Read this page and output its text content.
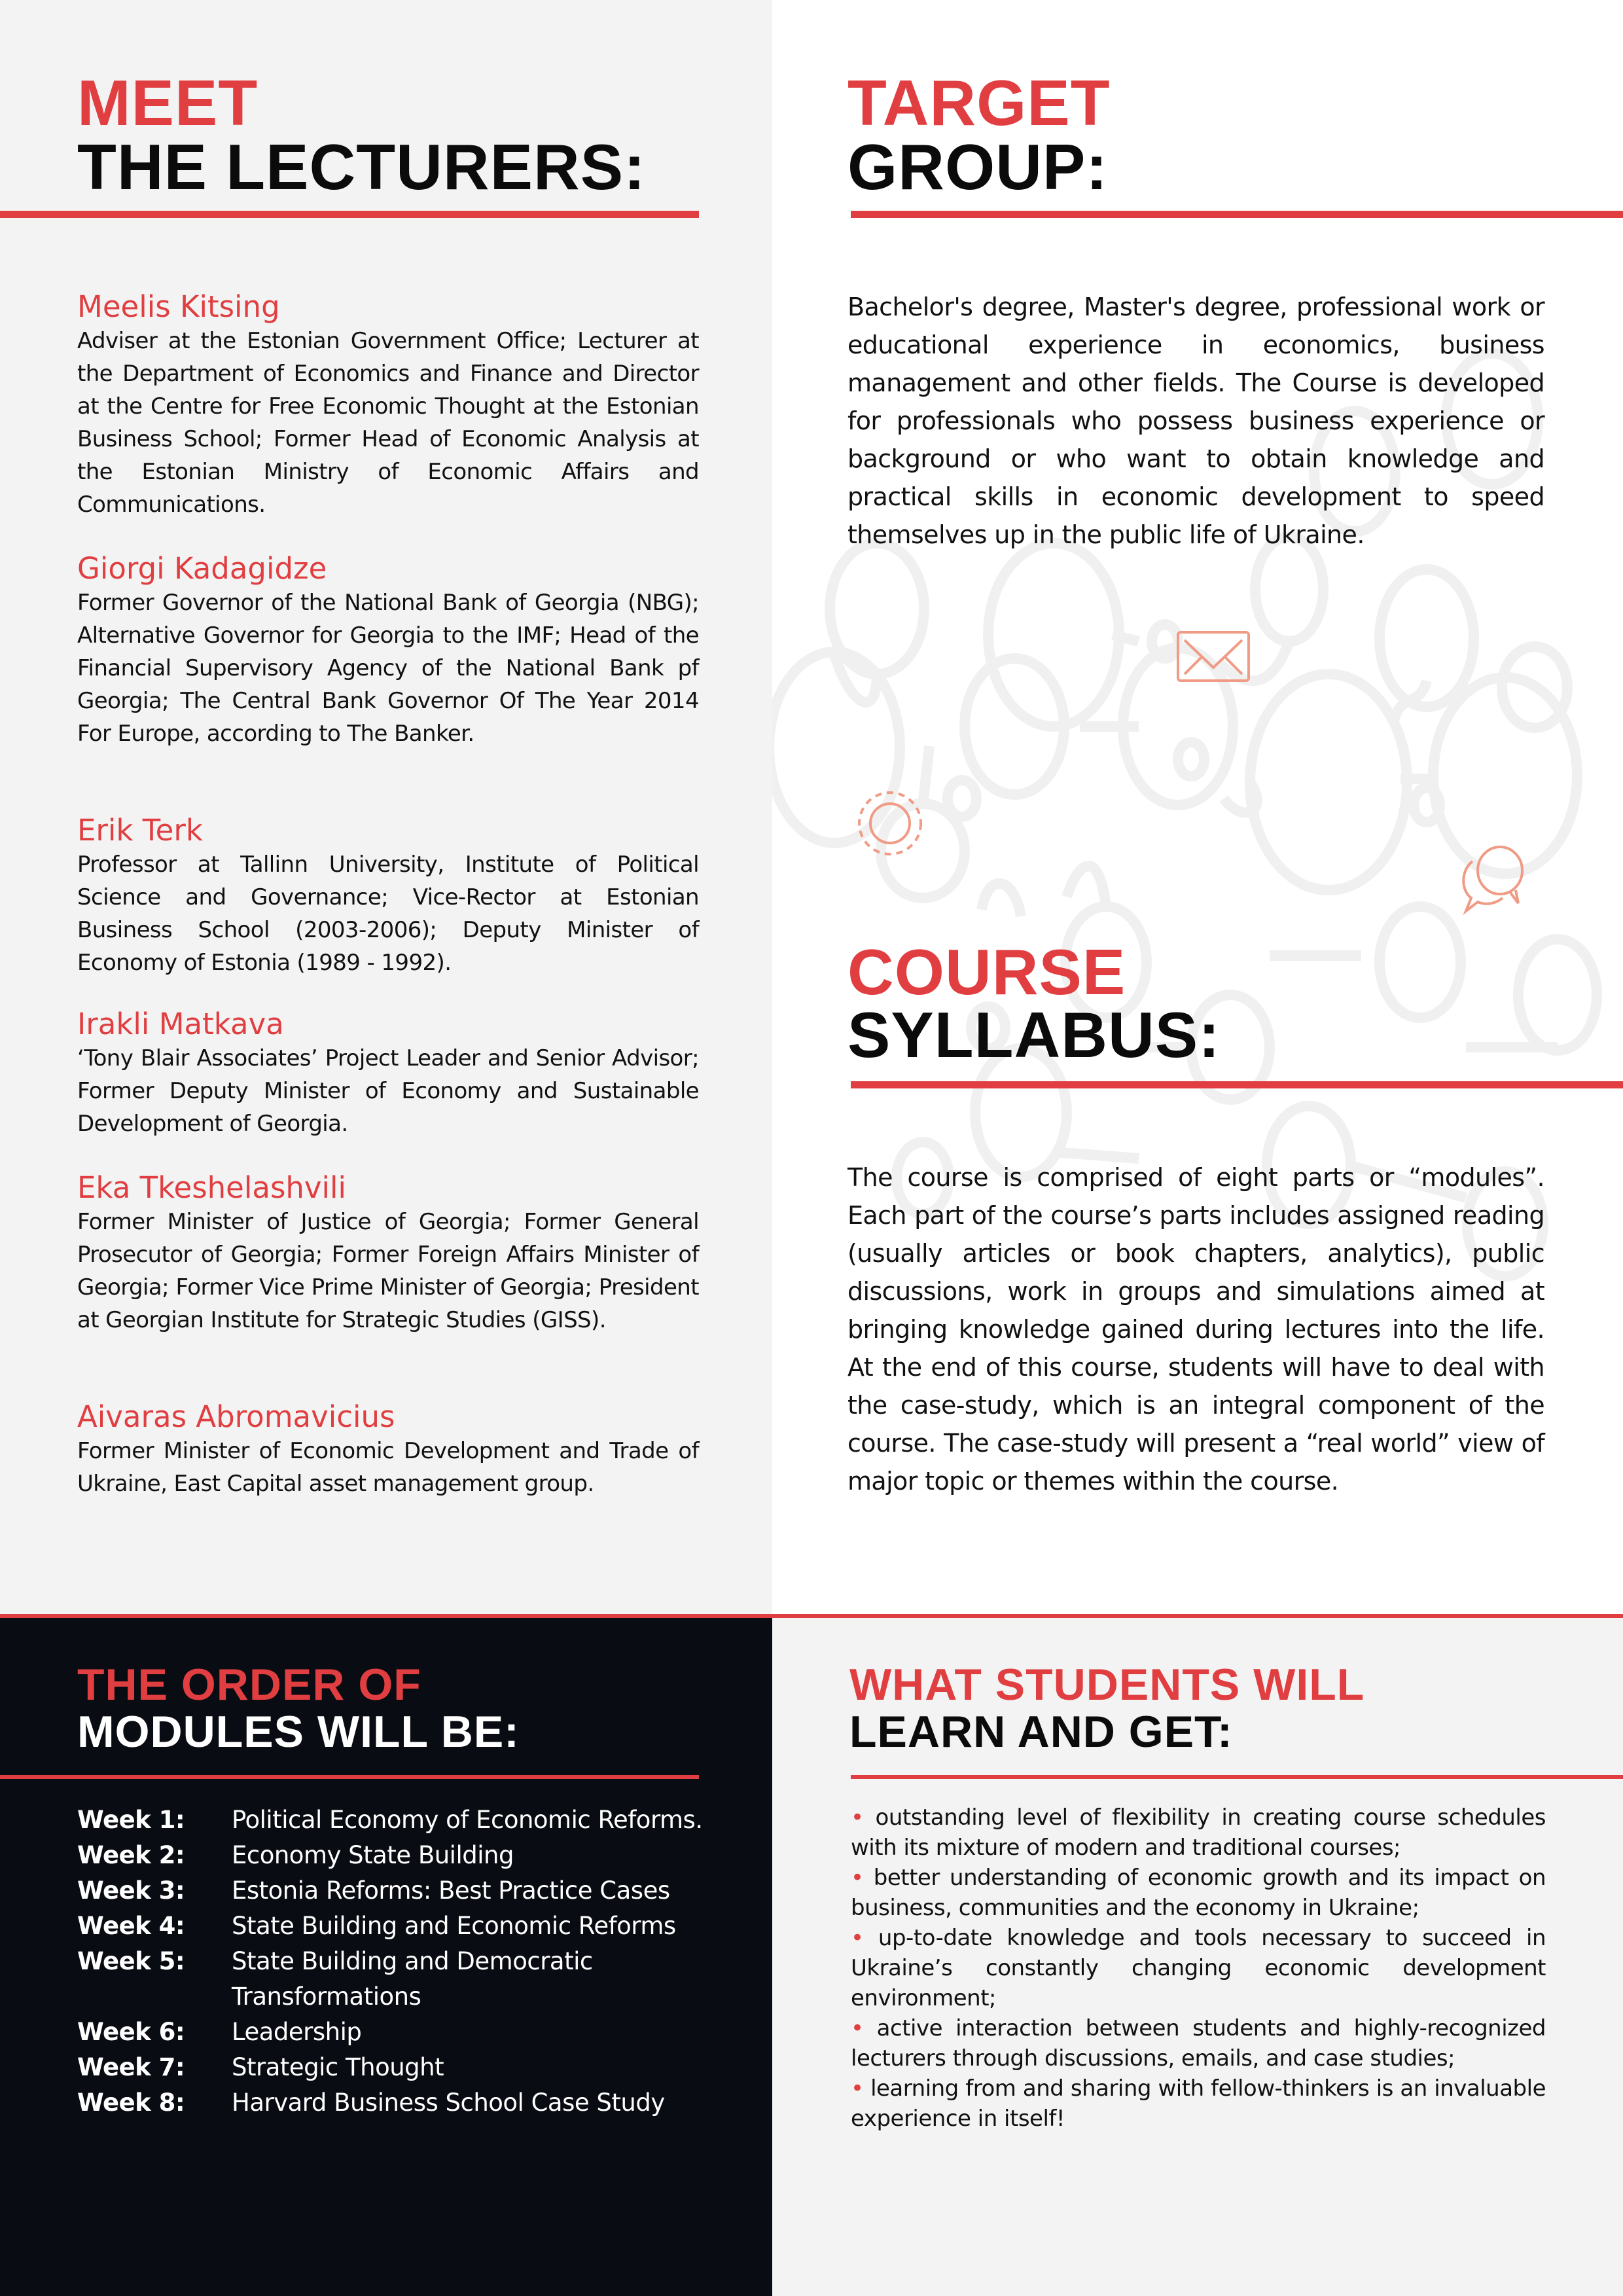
MEET
THE LECTURERS:

Meelis Kitsing

Adviser at the Estonian Government Office; Lecturer at the Department of Economics and Finance and Director at the Centre for Free Economic Thought at the Estonian Business School; Former Head of Economic Analysis at the Estonian Ministry of Economic Affairs and Communications.

Giorgi Kadagidze

Former Governor of the National Bank of Georgia (NBG); Alternative Governor for Georgia to the IMF; Head of the Financial Supervisory Agency of the National Bank pf Georgia; The Central Bank Governor Of The Year 2014 For Europe, according to The Banker.

Erik Terk

Professor at Tallinn University, Institute of Political Science and Governance; Vice-Rector at Estonian Business School (2003-2006); Deputy Minister of Economy of Estonia (1989 - 1992).

Irakli Matkava

‘Tony Blair Associates’ Project Leader and Senior Advisor; Former Deputy Minister of Economy and Sustainable Development of Georgia.

Eka Tkeshelashvili

Former Minister of Justice of Georgia; Former General Prosecutor of Georgia; Former Foreign Affairs Minister of Georgia; Former Vice Prime Minister of Georgia; President at Georgian Institute for Strategic Studies (GISS).

Aivaras Abromavicius

Former Minister of Economic Development and Trade of Ukraine, East Capital asset management group.

TARGET
GROUP:

Bachelor's degree, Master's degree, professional work or educational experience in economics, business management and other fields. The Course is developed for professionals who possess business experience or background or who want to obtain knowledge and practical skills in economic development to speed themselves up in the public life of Ukraine.

COURSE
SYLLABUS:

The course is comprised of eight parts or “modules”. Each part of the course’s parts includes assigned reading (usually articles or book chapters, analytics), public discussions, work in groups and simulations aimed at bringing knowledge gained during lectures into the life. At the end of this course, students will have to deal with the case-study, which is an integral component of the course. The case-study will present a “real world” view of major topic or themes within the course.

THE ORDER OF
MODULES WILL BE:
Week 1:	Political Economy of Economic Reforms.
Week 2:	Economy State Building
Week 3:	Estonia Reforms: Best Practice Cases
Week 4:	State Building and Economic Reforms
Week 5:	State Building and Democratic Transformations
Week 6:	Leadership
Week 7:	Strategic Thought
Week 8:	Harvard Business School Case Study
WHAT STUDENTS WILL
LEARN AND GET:

• outstanding level of flexibility in creating course schedules with its mixture of modern and traditional courses;

• better understanding of economic growth and its impact on business, communities and the economy in Ukraine;

• up-to-date knowledge and tools necessary to succeed in Ukraine’s constantly changing economic development environment;

• active interaction between students and highly-recognized lecturers through discussions, emails, and case studies;

• learning from and sharing with fellow-thinkers is an invaluable experience in itself!
